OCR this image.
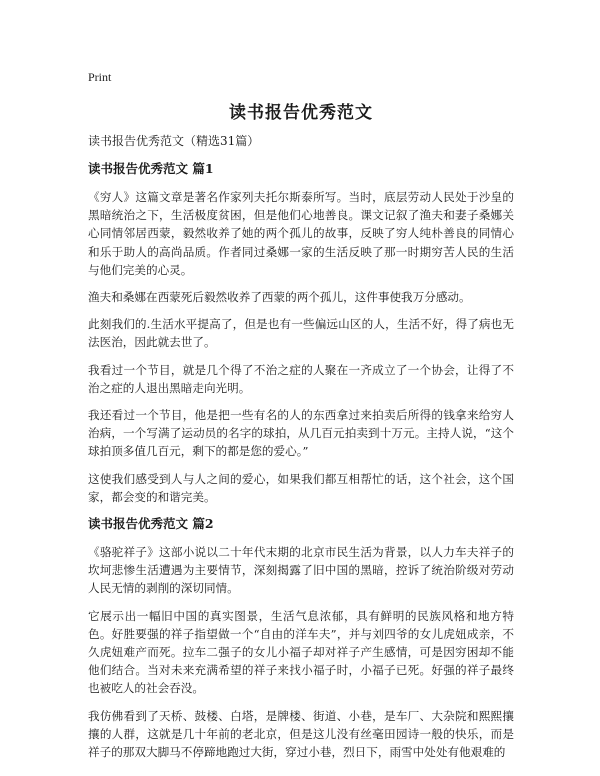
Print
读书报告优秀范文

读书报告优秀范文（精选31篇）

读书报告优秀范文 篇1

《穷人》这篇文章是著名作家列夫托尔斯泰所写。当时，底层劳动人民处于沙皇的黑暗统治之下，生活极度贫困，但是他们心地善良。课文记叙了渔夫和妻子桑娜关心同情邻居西蒙，毅然收养了她的两个孤儿的故事，反映了穷人纯朴善良的同情心和乐于助人的高尚品质。作者同过桑娜一家的生活反映了那一时期穷苦人民的生活与他们完美的心灵。

渔夫和桑娜在西蒙死后毅然收养了西蒙的两个孤儿，这件事使我万分感动。

此刻我们的.生活水平提高了，但是也有一些偏远山区的人，生活不好，得了病也无法医治，因此就去世了。

我看过一个节目，就是几个得了不治之症的人聚在一齐成立了一个协会，让得了不治之症的人退出黑暗走向光明。

我还看过一个节目，他是把一些有名的人的东西拿过来拍卖后所得的钱拿来给穷人治病，一个写满了运动员的名字的球拍，从几百元拍卖到十万元。主持人说，“这个球拍顶多值几百元，剩下的都是您的爱心。”

这使我们感受到人与人之间的爱心，如果我们都互相帮忙的话，这个社会，这个国家，都会变的和谐完美。

读书报告优秀范文 篇2

《骆驼祥子》这部小说以二十年代末期的北京市民生活为背景，以人力车夫祥子的坎坷悲惨生活遭遇为主要情节，深刻揭露了旧中国的黑暗，控诉了统治阶级对劳动人民无情的剥削的深切同情。

它展示出一幅旧中国的真实图景，生活气息浓郁，具有鲜明的民族风格和地方特色。好胜要强的祥子指望做一个“自由的洋车夫”，并与刘四爷的女儿虎妞成亲，不久虎妞难产而死。拉车二强子的女儿小福子却对祥子产生感情，可是因穷困却不能他们结合。当对未来充满希望的祥子来找小福子时，小福子已死。好强的祥子最终也被吃人的社会吞没。

我仿佛看到了天桥、鼓楼、白塔，是牌楼、街道、小巷，是车厂、大杂院和熙熙攘攘的人群，这就是几十年前的老北京，但是这儿没有丝毫田园诗一般的快乐，而是祥子的那双大脚马不停蹄地跑过大街，穿过小巷，烈日下，雨雪中处处有他艰难的
